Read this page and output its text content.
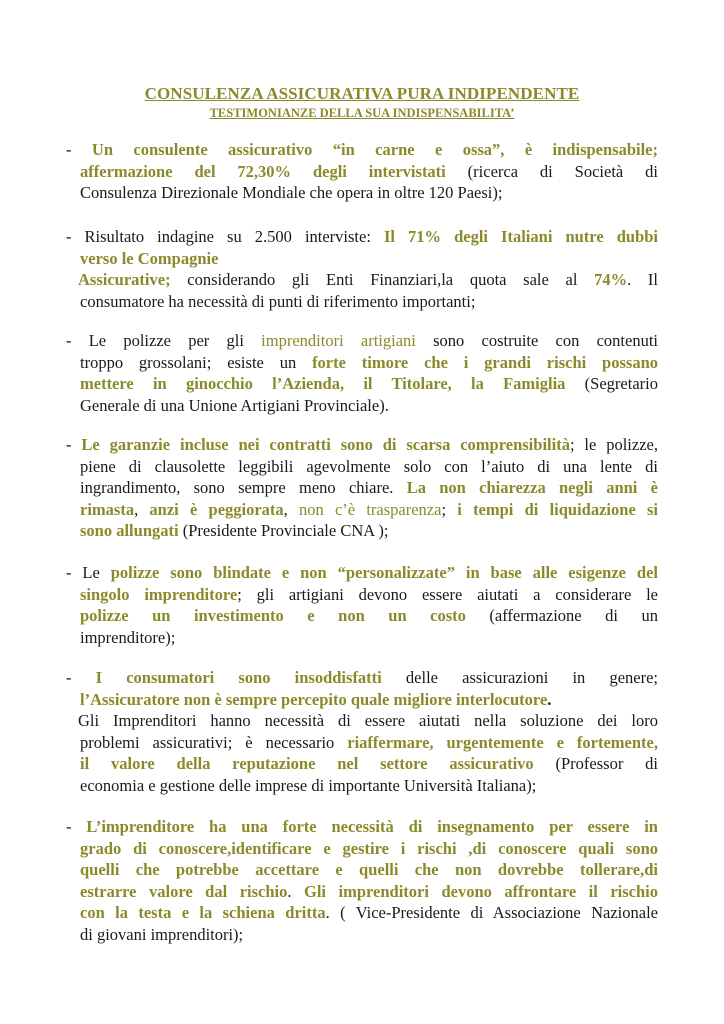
CONSULENZA ASSICURATIVA PURA INDIPENDENTE
TESTIMONIANZE DELLA SUA INDISPENSABILITA’
- Un consulente assicurativo “in carne e ossa”, è indispensabile;
affermazione del 72,30% degli intervistati (ricerca di Società di
Consulenza Direzionale Mondiale che opera in oltre 120 Paesi);
- Risultato indagine su 2.500 interviste: Il 71% degli Italiani nutre dubbi
verso le Compagnie
Assicurative; considerando gli Enti Finanziari,la quota sale al 74%. Il
consumatore ha necessità di punti di riferimento importanti;
- Le polizze per gli imprenditori artigiani sono costruite con contenuti
troppo grossolani; esiste un forte timore che i grandi rischi possano
mettere in ginocchio l’Azienda, il Titolare, la Famiglia (Segretario
Generale di una Unione Artigiani Provinciale).
- Le garanzie incluse nei contratti sono di scarsa comprensibilità; le polizze,
piene di clausolette leggibili agevolmente solo con l’aiuto di una lente di
ingrandimento, sono sempre meno chiare. La non chiarezza negli anni è
rimasta, anzi è peggiorata, non c’è trasparenza; i tempi di liquidazione si
sono allungati (Presidente Provinciale CNA );
- Le polizze sono blindate e non “personalizzate” in base alle esigenze del
singolo imprenditore; gli artigiani devono essere aiutati a considerare le
polizze un investimento e non un costo (affermazione di un
imprenditore);
- I consumatori sono insoddisfatti delle assicurazioni in genere;
l’Assicuratore non è sempre percepito quale migliore interlocutore.
Gli Imprenditori hanno necessità di essere aiutati nella soluzione dei loro
problemi assicurativi; è necessario riaffermare, urgentemente e fortemente,
il valore della reputazione nel settore assicurativo (Professor di
economia e gestione delle imprese di importante Università Italiana);
- L’imprenditore ha una forte necessità di insegnamento per essere in
grado di conoscere,identificare e gestire i rischi ,di conoscere quali sono
quelli che potrebbe accettare e quelli che non dovrebbe tollerare,di
estrarre valore dal rischio. Gli imprenditori devono affrontare il rischio
con la testa e la schiena dritta. ( Vice-Presidente di Associazione Nazionale
di giovani imprenditori);
